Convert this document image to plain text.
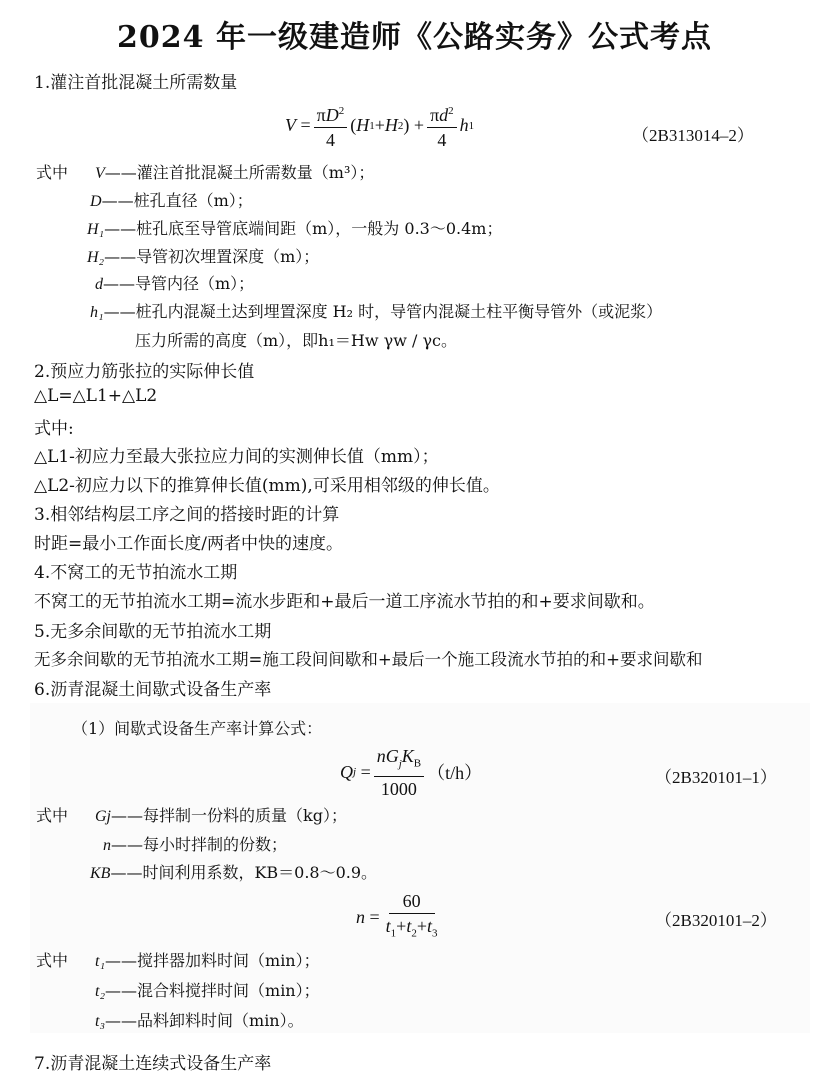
2024 年一级建造师《公路实务》公式考点
1.灌注首批混凝土所需数量
$V = \frac{\pi D^2}{4}$ ( H 1 + H 2 ) + $\frac{\pi d^2}{4}$ h 1
（2B313014–2）
式中 V——灌注首批混凝土所需数量（m³）；
D——桩孔直径（m）；
H₁——桩孔底至导管底端间距（m），一般为 0.3～0.4m；
H₂——导管初次埋置深度（m）；
d——导管内径（m）；
h₁——桩孔内混凝土达到埋置深度 H₂ 时，导管内混凝土柱平衡导管外（或泥浆）
压力所需的高度（m），即h₁＝Hw γw / γc。
2.预应力筋张拉的实际伸长值
△L=△L1+△L2
式中:
△L1-初应力至最大张拉应力间的实测伸长值（mm）；
△L2-初应力以下的推算伸长值(mm),可采用相邻级的伸长值。
3.相邻结构层工序之间的搭接时距的计算
时距=最小工作面长度/两者中快的速度。
4.不窝工的无节拍流水工期
不窝工的无节拍流水工期=流水步距和+最后一道工序流水节拍的和+要求间歇和。
5.无多余间歇的无节拍流水工期
无多余间歇的无节拍流水工期=施工段间间歇和+最后一个施工段流水节拍的和+要求间歇和
6.沥青混凝土间歇式设备生产率
（1）间歇式设备生产率计算公式：
Q $j = \frac{nG_jK_B}{1000} (t/h)$	（2B320101–1）
式中 Gj——每拌制一份料的质量（kg）；
n——每小时拌制的份数；
KB——时间利用系数，KB＝0.8～0.9。
$n = \frac{60}{t_1+t_2+t_3}$	（2B320101–2）
式中 t₁——搅拌器加料时间（min）；
t₂——混合料搅拌时间（min）；
t₃——品料卸料时间（min）。
7.沥青混凝土连续式设备生产率
